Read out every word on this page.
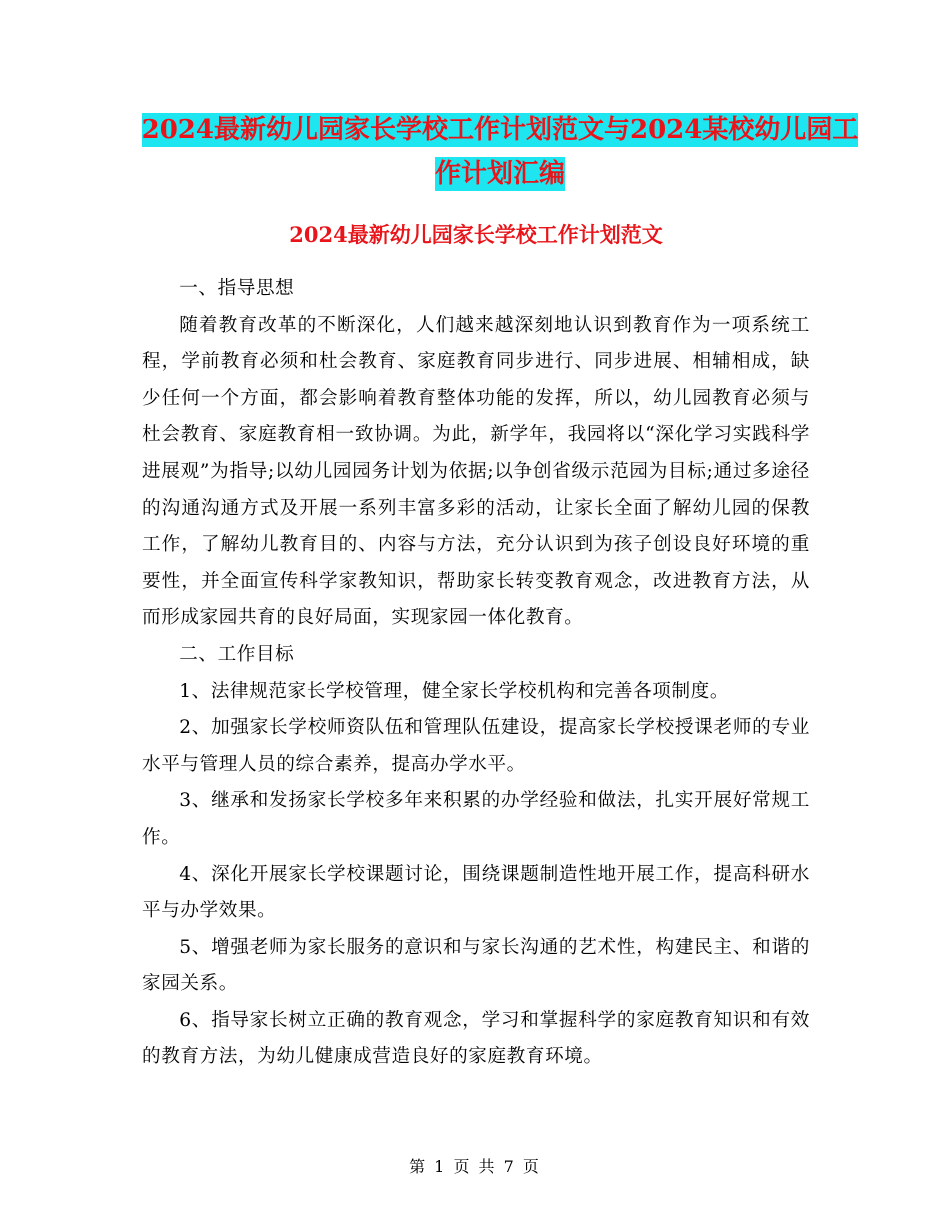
2024最新幼儿园家长学校工作计划范文与2024某校幼儿园工作计划汇编
2024最新幼儿园家长学校工作计划范文

一、指导思想

随着教育改革的不断深化，人们越来越深刻地认识到教育作为一项系统工程，学前教育必须和杜会教育、家庭教育同步进行、同步进展、相辅相成，缺少任何一个方面，都会影响着教育整体功能的发挥，所以，幼儿园教育必须与杜会教育、家庭教育相一致协调。为此，新学年，我园将以“深化学习实践科学进展观”为指导;以幼儿园园务计划为依据;以争创省级示范园为目标;通过多途径的沟通沟通方式及开展一系列丰富多彩的活动，让家长全面了解幼儿园的保教工作，了解幼儿教育目的、内容与方法，充分认识到为孩子创设良好环境的重要性，并全面宣传科学家教知识，帮助家长转变教育观念，改进教育方法，从而形成家园共育的良好局面，实现家园一体化教育。

二、工作目标

1、法律规范家长学校管理，健全家长学校机构和完善各项制度。

2、加强家长学校师资队伍和管理队伍建设，提高家长学校授课老师的专业水平与管理人员的综合素养，提高办学水平。

3、继承和发扬家长学校多年来积累的办学经验和做法，扎实开展好常规工作。

4、深化开展家长学校课题讨论，围绕课题制造性地开展工作，提高科研水平与办学效果。

5、增强老师为家长服务的意识和与家长沟通的艺术性，构建民主、和谐的家园关系。

6、指导家长树立正确的教育观念，学习和掌握科学的家庭教育知识和有效的教育方法，为幼儿健康成营造良好的家庭教育环境。

第 1 页 共 7 页
